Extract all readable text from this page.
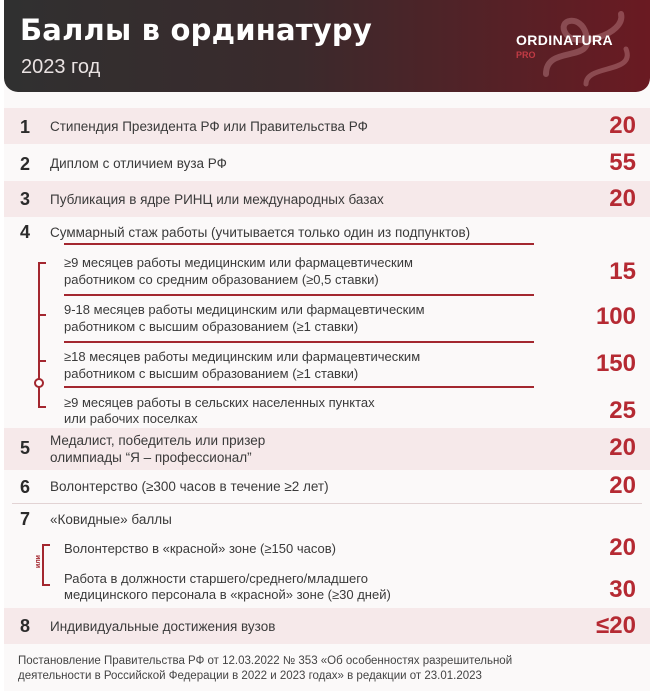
Баллы в ординатуру
2023 год
ORDINATURA
PRO
1 Стипендия Президента РФ или Правительства РФ	20
2 Диплом с отличием вуза РФ	55
3 Публикация в ядре РИНЦ или международных базах	20
4 Суммарный стаж работы (учитывается только один из подпунктов)
≥9 месяцев работы медицинским или фармацевтическим
работником со средним образованием (≥0,5 ставки)	15
9-18 месяцев работы медицинским или фармацевтическим
работником с высшим образованием (≥1 ставки)	100
≥18 месяцев работы медицинским или фармацевтическим
работником с высшим образованием (≥1 ставки)	150
≥9 месяцев работы в сельских населенных пунктах
или рабочих поселках	25
5 Медалист, победитель или призер
олимпиады “Я – профессионал”	20
6 Волонтерство (≥300 часов в течение ≥2 лет)	20
7 «Ковидные» баллы
или
Волонтерство в «красной» зоне (≥150 часов)	20
Работа в должности старшего/среднего/младшего
медицинского персонала в «красной» зоне (≥30 дней)	30
8 Индивидуальные достижения вузов	≤20
Постановление Правительства РФ от 12.03.2022 № 353 «Об особенностях разрешительной
деятельности в Российской Федерации в 2022 и 2023 годах» в редакции от 23.01.2023
